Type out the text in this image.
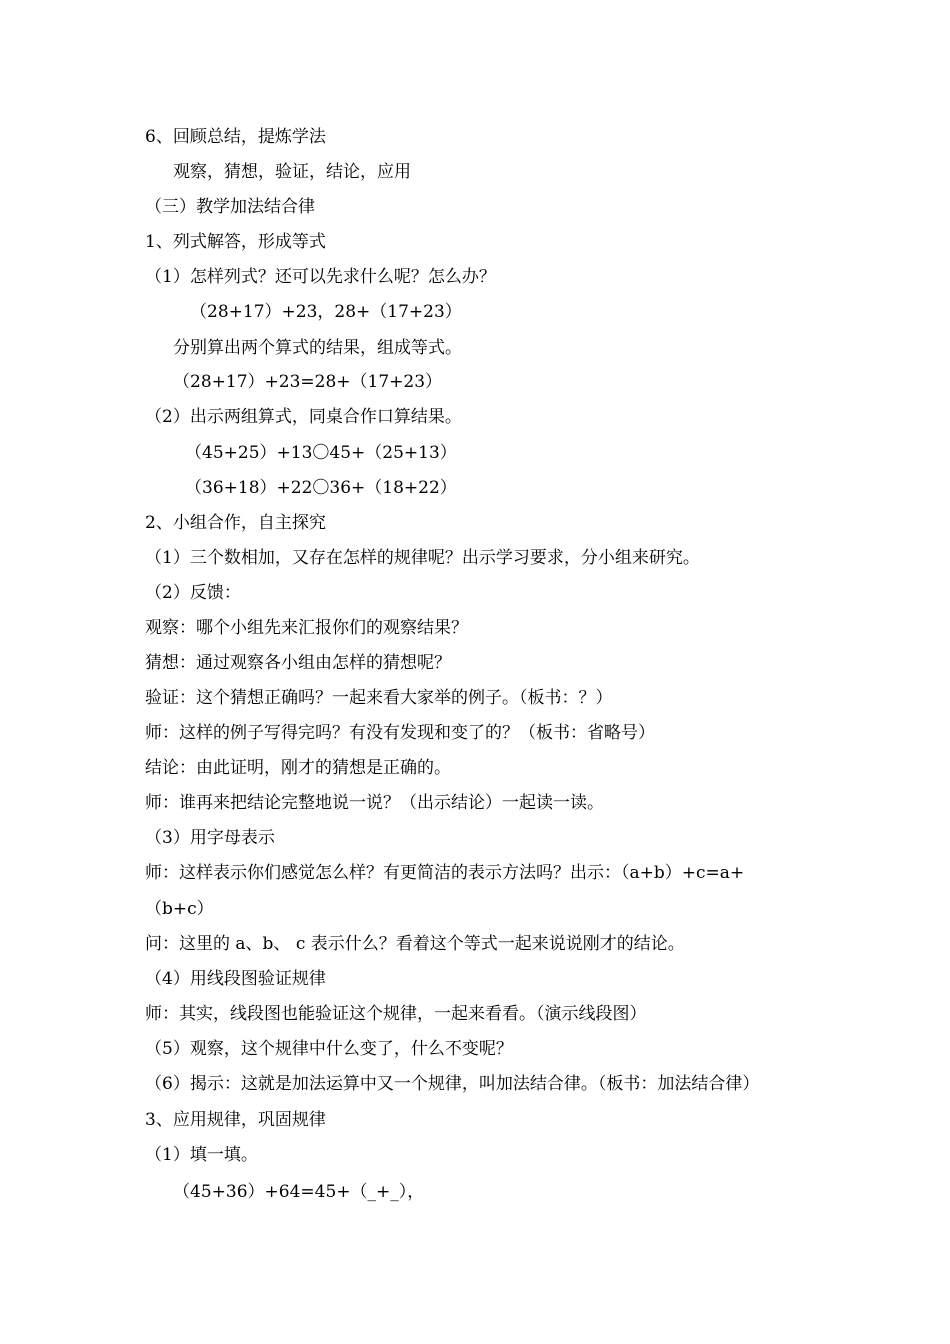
6、回顾总结，提炼学法
观察，猜想，验证，结论，应用
（三）教学加法结合律
1、列式解答，形成等式
（1）怎样列式？还可以先求什么呢？怎么办？
（28+17）+23，28+（17+23）
分别算出两个算式的结果，组成等式。
（28+17）+23=28+（17+23）
（2）出示两组算式，同桌合作口算结果。
（45+25）+13〇45+（25+13）
（36+18）+22〇36+（18+22）
2、小组合作，自主探究
（1）三个数相加，又存在怎样的规律呢？出示学习要求，分小组来研究。
（2）反馈：
观察：哪个小组先来汇报你们的观察结果？
猜想：通过观察各小组由怎样的猜想呢？
验证：这个猜想正确吗？一起来看大家举的例子。（板书：？）
师：这样的例子写得完吗？有没有发现和变了的？（板书：省略号）
结论：由此证明，刚才的猜想是正确的。
师：谁再来把结论完整地说一说？（出示结论）一起读一读。
（3）用字母表示
师：这样表示你们感觉怎么样？有更简洁的表示方法吗？出示：（a+b）+c=a+
（b+c）
问：这里的 a、b、 c 表示什么？看着这个等式一起来说说刚才的结论。
（4）用线段图验证规律
师：其实，线段图也能验证这个规律，一起来看看。（演示线段图）
（5）观察，这个规律中什么变了，什么不变呢？
（6）揭示：这就是加法运算中又一个规律，叫加法结合律。（板书：加法结合律）
3、应用规律，巩固规律
（1）填一填。
（45+36）+64=45+（_+_），
